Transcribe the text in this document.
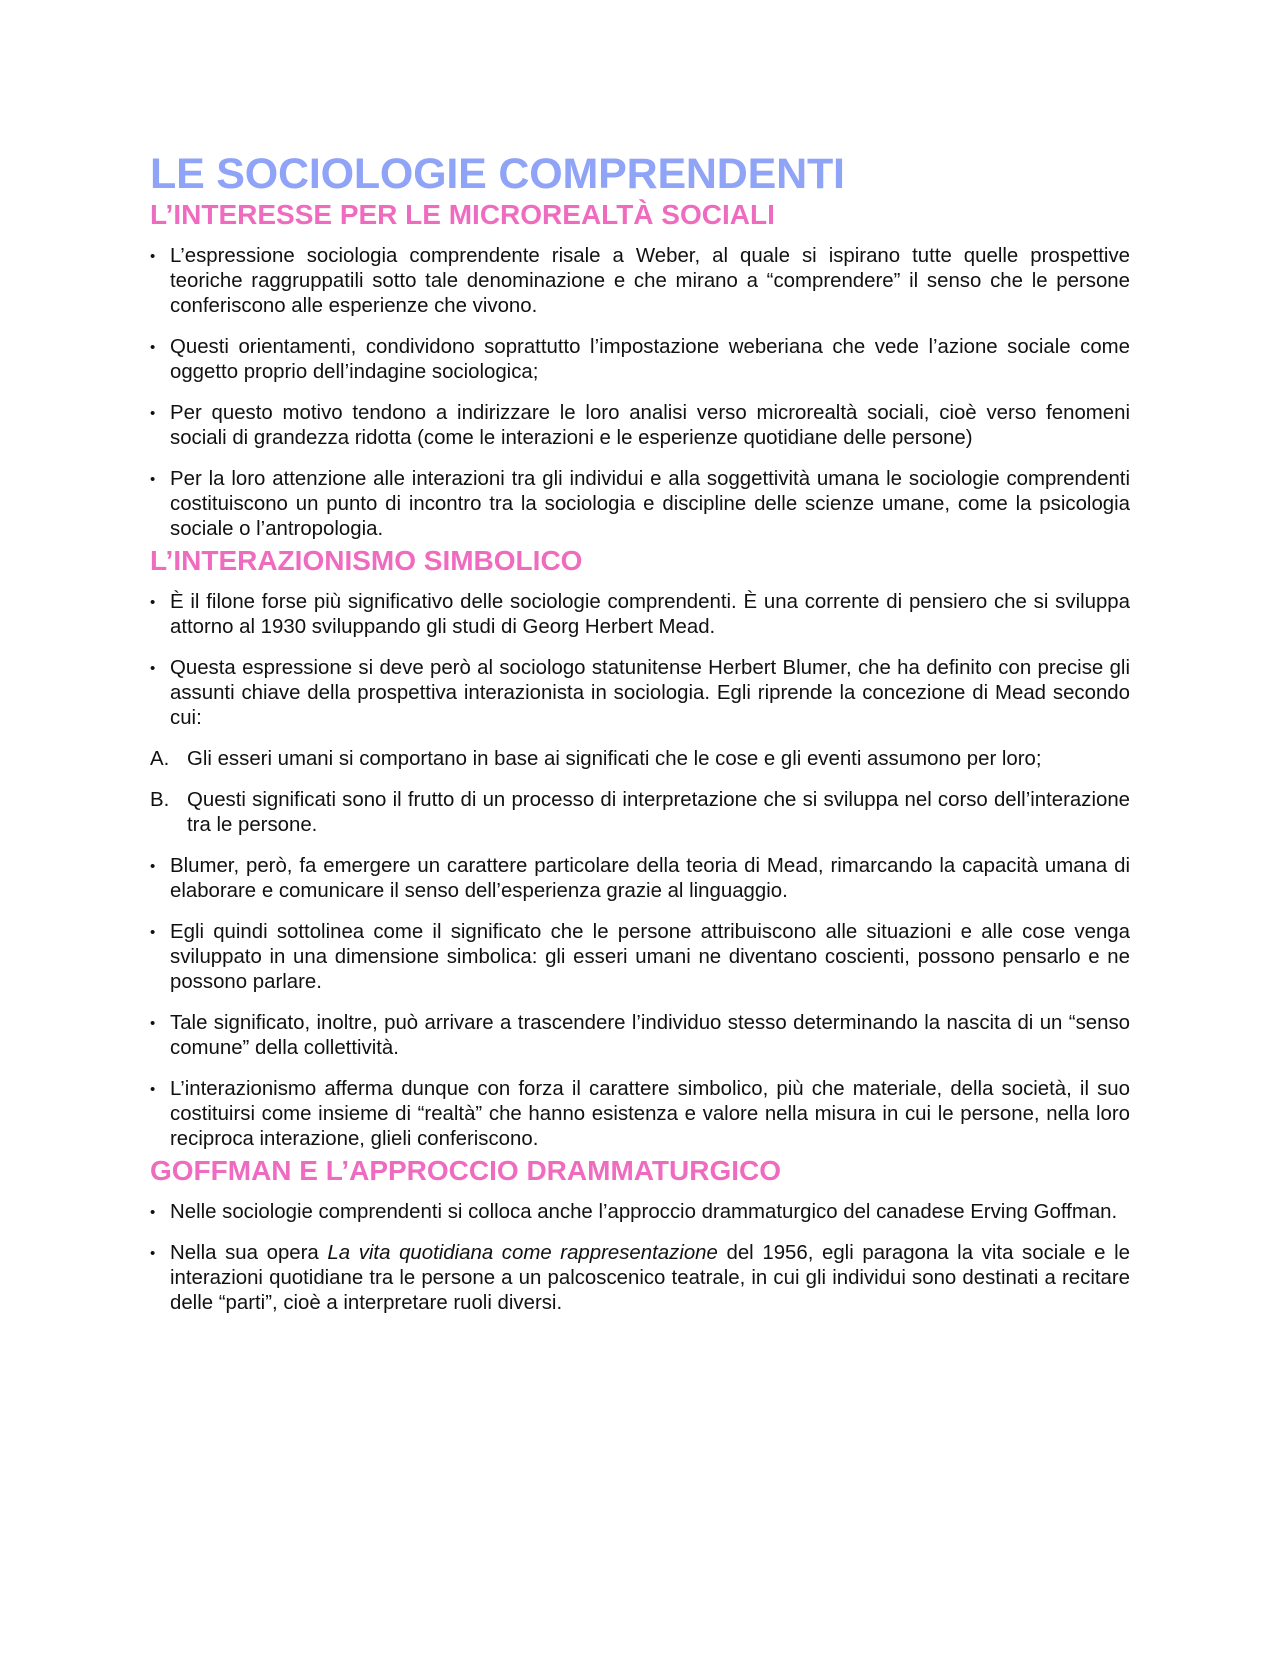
LE SOCIOLOGIE COMPRENDENTI
L’INTERESSE PER LE MICROREALTÀ SOCIALI
• L’espressione sociologia comprendente risale a Weber, al quale si ispirano tutte quelle prospettive teoriche raggruppatili sotto tale denominazione e che mirano a “comprendere” il senso che le persone conferiscono alle esperienze che vivono.
• Questi orientamenti, condividono soprattutto l’impostazione weberiana che vede l’azione sociale come oggetto proprio dell’indagine sociologica;
• Per questo motivo tendono a indirizzare le loro analisi verso microrealtà sociali, cioè verso fenomeni sociali di grandezza ridotta (come le interazioni e le esperienze quotidiane delle persone)
• Per la loro attenzione alle interazioni tra gli individui e alla soggettività umana le sociologie comprendenti costituiscono un punto di incontro tra la sociologia e discipline delle scienze umane, come la psicologia sociale o l’antropologia.
L’INTERAZIONISMO SIMBOLICO
• È il filone forse più significativo delle sociologie comprendenti. È una corrente di pensiero che si sviluppa attorno al 1930 sviluppando gli studi di Georg Herbert Mead.
• Questa espressione si deve però al sociologo statunitense Herbert Blumer, che ha definito con precise gli assunti chiave della prospettiva interazionista in sociologia. Egli riprende la concezione di Mead secondo cui:
A. Gli esseri umani si comportano in base ai significati che le cose e gli eventi assumono per loro;
B. Questi significati sono il frutto di un processo di interpretazione che si sviluppa nel corso dell’interazione tra le persone.
• Blumer, però, fa emergere un carattere particolare della teoria di Mead, rimarcando la capacità umana di elaborare e comunicare il senso dell’esperienza grazie al linguaggio.
• Egli quindi sottolinea come il significato che le persone attribuiscono alle situazioni e alle cose venga sviluppato in una dimensione simbolica: gli esseri umani ne diventano coscienti, possono pensarlo e ne possono parlare.
• Tale significato, inoltre, può arrivare a trascendere l’individuo stesso determinando la nascita di un “senso comune” della collettività.
• L’interazionismo afferma dunque con forza il carattere simbolico, più che materiale, della società, il suo costituirsi come insieme di “realtà” che hanno esistenza e valore nella misura in cui le persone, nella loro reciproca interazione, glieli conferiscono.
GOFFMAN E L’APPROCCIO DRAMMATURGICO
• Nelle sociologie comprendenti si colloca anche l’approccio drammaturgico del canadese Erving Goffman.
• Nella sua opera La vita quotidiana come rappresentazione del 1956, egli paragona la vita sociale e le interazioni quotidiane tra le persone a un palcoscenico teatrale, in cui gli individui sono destinati a recitare delle “parti”, cioè a interpretare ruoli diversi.
